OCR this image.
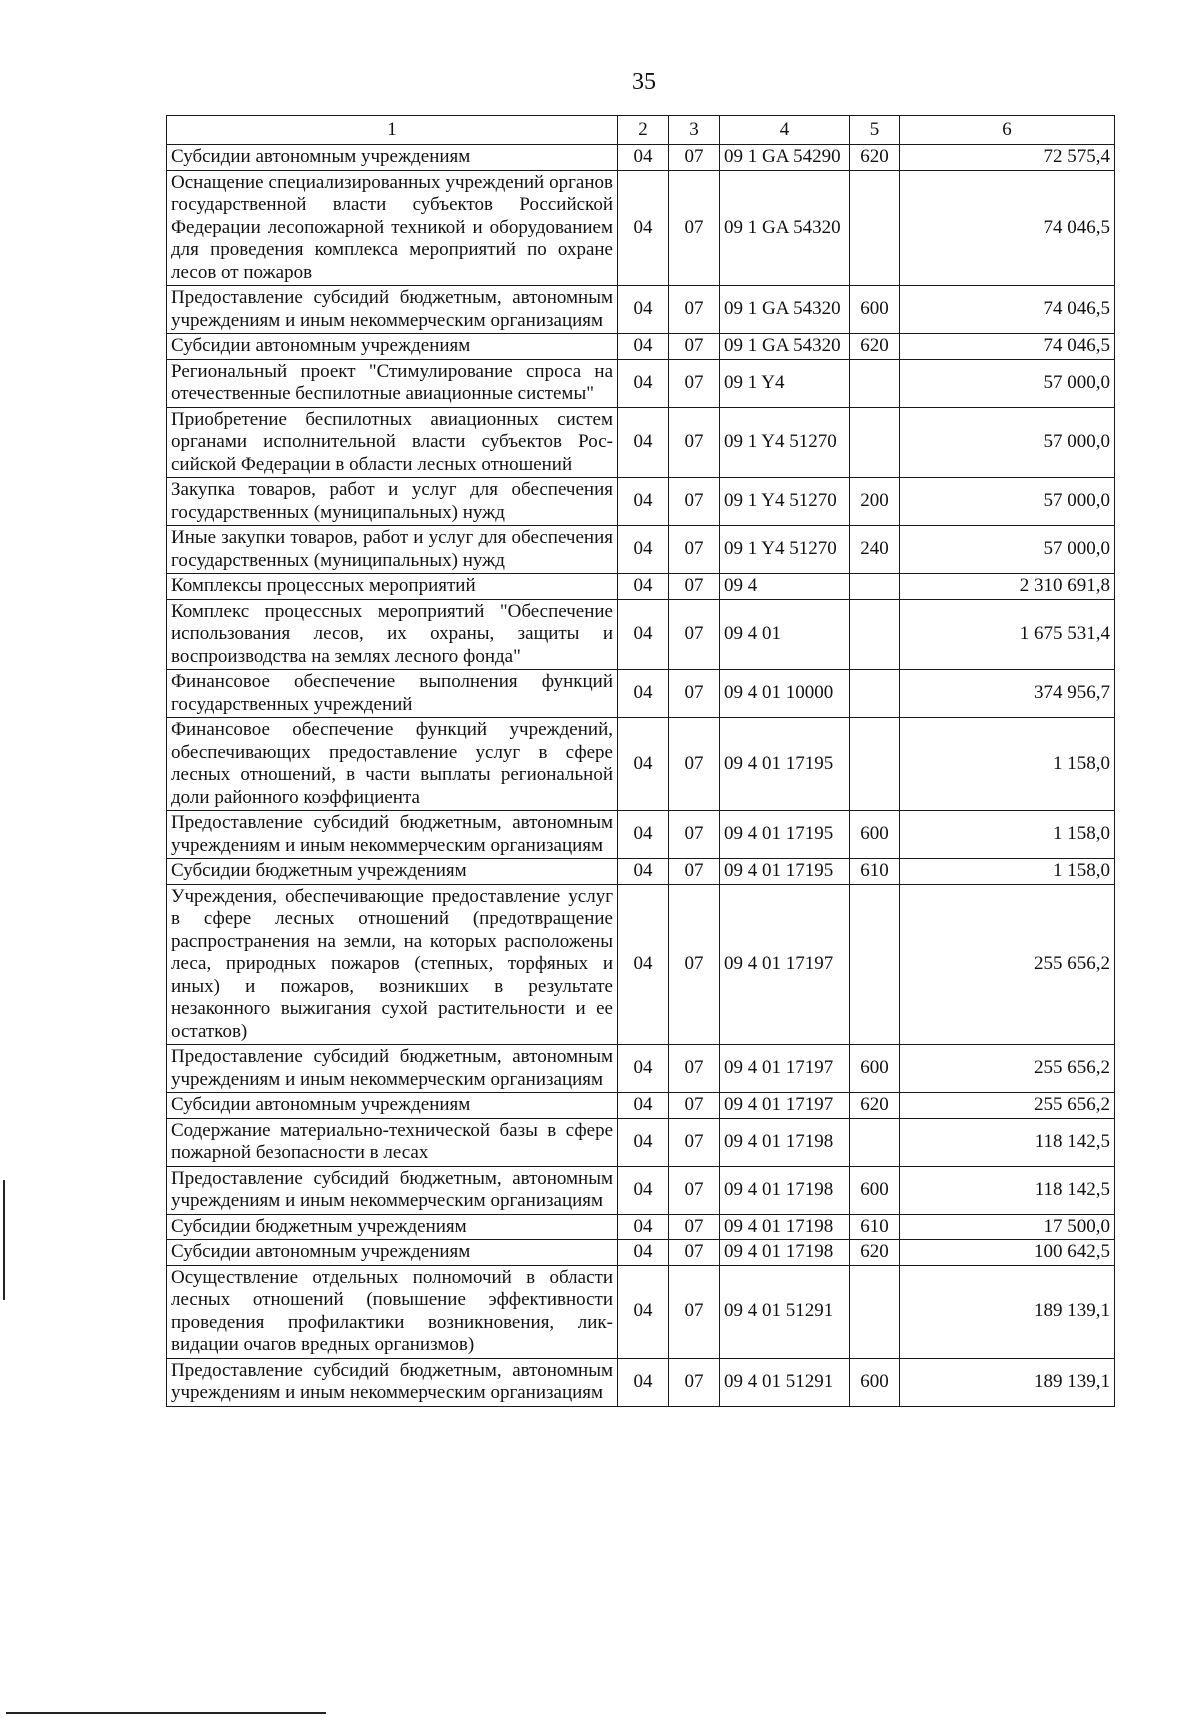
35
1	2	3	4	5	6
Субсидии автономным учреждениям	04	07	09 1 GA 54290	620	72 575,4
Оснащение специализированных учреждений органов государственной власти субъектов Российской Федерации лесопожарной техникой и оборудованием для проведения комплекса мероприятий по охране лесов от пожаров	04	07	09 1 GA 54320		74 046,5
Предоставление субсидий бюджетным, автономным учреждениям и иным некоммерческим организациям	04	07	09 1 GA 54320	600	74 046,5
Субсидии автономным учреждениям	04	07	09 1 GA 54320	620	74 046,5
Региональный проект "Стимулирование спроса на отечественные беспилотные авиационные системы"	04	07	09 1 Y4		57 000,0
Приобретение беспилотных авиационных систем органами исполнительной власти субъектов Российской Федерации в области лесных отношений	04	07	09 1 Y4 51270		57 000,0
Закупка товаров, работ и услуг для обеспечения государственных (муниципальных) нужд	04	07	09 1 Y4 51270	200	57 000,0
Иные закупки товаров, работ и услуг для обеспечения государственных (муниципальных) нужд	04	07	09 1 Y4 51270	240	57 000,0
Комплексы процессных мероприятий	04	07	09 4		2 310 691,8
Комплекс процессных мероприятий "Обеспечение использования лесов, их охраны, защиты и воспроизводства на землях лесного фонда"	04	07	09 4 01		1 675 531,4
Финансовое обеспечение выполнения функций государственных учреждений	04	07	09 4 01 10000		374 956,7
Финансовое обеспечение функций учреждений, обеспечивающих предоставление услуг в сфере лесных отношений, в части выплаты региональной доли районного коэффициента	04	07	09 4 01 17195		1 158,0
Предоставление субсидий бюджетным, автономным учреждениям и иным некоммерческим организациям	04	07	09 4 01 17195	600	1 158,0
Субсидии бюджетным учреждениям	04	07	09 4 01 17195	610	1 158,0
Учреждения, обеспечивающие предоставление услуг в сфере лесных отношений (предотвращение распространения на земли, на которых расположены леса, природных пожаров (степных, торфяных и иных) и пожаров, возникших в результате незаконного выжигания сухой растительности и ее остатков)	04	07	09 4 01 17197		255 656,2
Предоставление субсидий бюджетным, автономным учреждениям и иным некоммерческим организациям	04	07	09 4 01 17197	600	255 656,2
Субсидии автономным учреждениям	04	07	09 4 01 17197	620	255 656,2
Содержание материально-технической базы в сфере пожарной безопасности в лесах	04	07	09 4 01 17198		118 142,5
Предоставление субсидий бюджетным, автономным учреждениям и иным некоммерческим организациям	04	07	09 4 01 17198	600	118 142,5
Субсидии бюджетным учреждениям	04	07	09 4 01 17198	610	17 500,0
Субсидии автономным учреждениям	04	07	09 4 01 17198	620	100 642,5
Осуществление отдельных полномочий в области лесных отношений (повышение эффективности проведения профилактики возникновения, ликвидации очагов вредных организмов)	04	07	09 4 01 51291		189 139,1
Предоставление субсидий бюджетным, автономным учреждениям и иным некоммерческим организациям	04	07	09 4 01 51291	600	189 139,1
